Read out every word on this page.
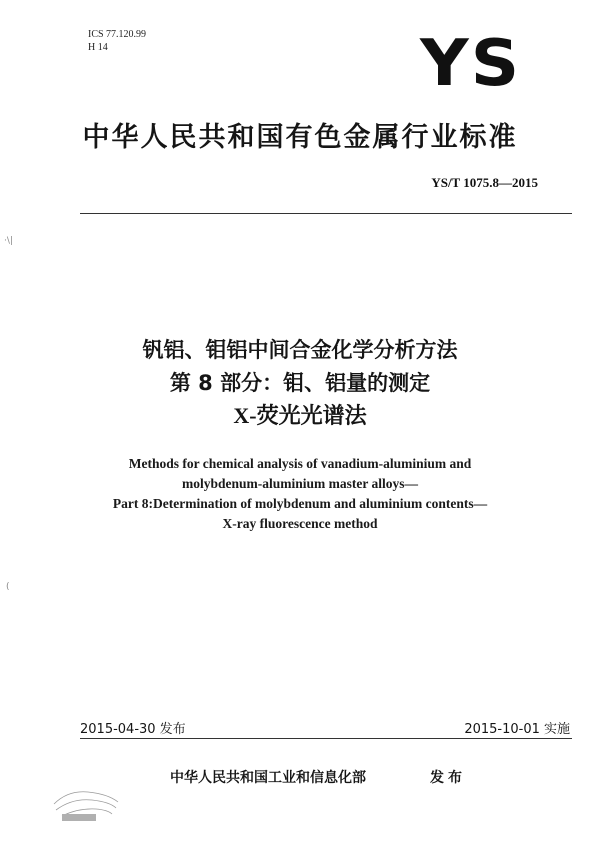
ICS 77.120.99
H 14	YS
中华人民共和国有色金属行业标准
YS/T 1075.8—2015
钒铝、钼铝中间合金化学分析方法
第 8 部分：钼、铝量的测定
X-荧光光谱法
Methods for chemical analysis of vanadium-aluminium and
molybdenum-aluminium master alloys—
Part 8:Determination of molybdenum and aluminium contents—
X-ray fluorescence method
2015-04-30 发布	2015-10-01 实施
中华人民共和国工业和信息化部	发布
·\|
(
